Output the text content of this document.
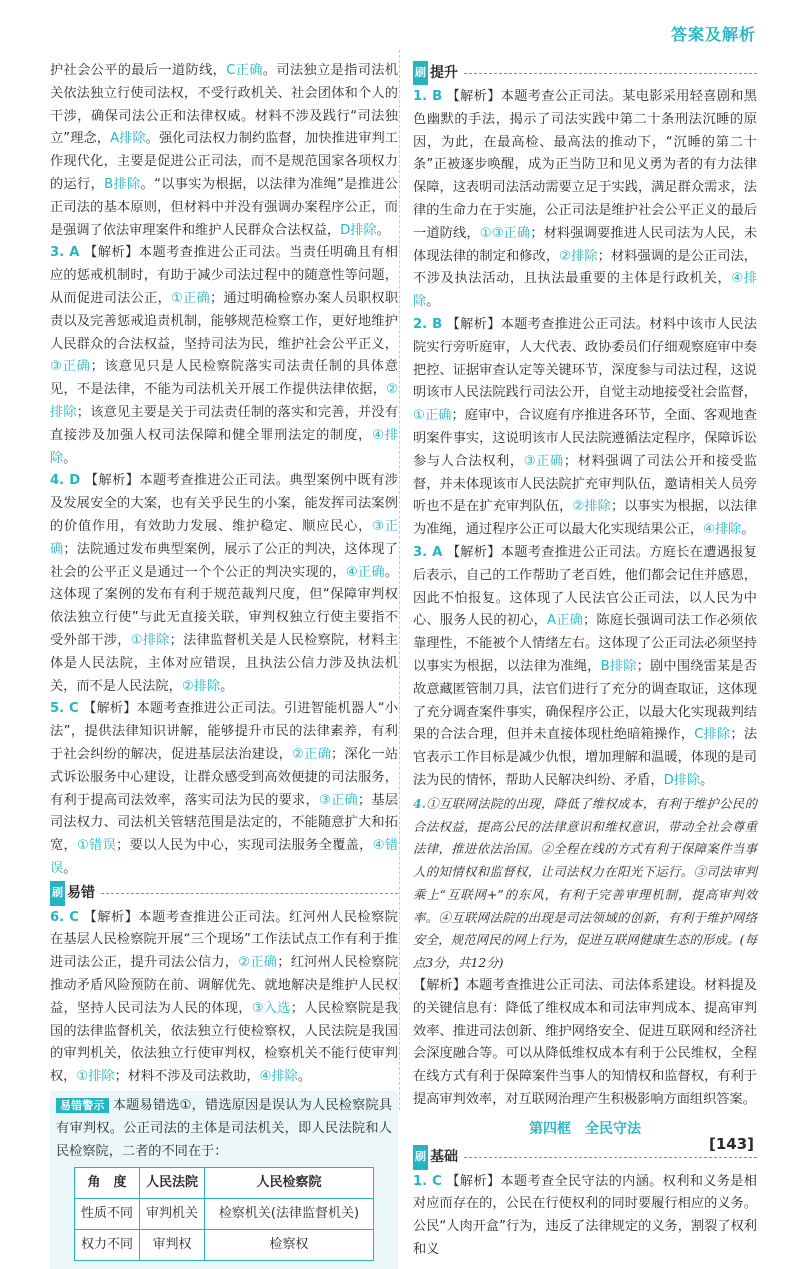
答案及解析

护社会公平的最后一道防线，C正确。司法独立是指司法机关依法独立行使司法权，不受行政机关、社会团体和个人的干涉，确保司法公正和法律权威。材料不涉及践行“司法独立”理念，A排除。强化司法权力制约监督，加快推进审判工作现代化，主要是促进公正司法，而不是规范国家各项权力的运行，B排除。“以事实为根据，以法律为准绳”是推进公正司法的基本原则，但材料中并没有强调办案程序公正，而是强调了依法审理案件和维护人民群众合法权益，D排除。

3. A 【解析】本题考查推进公正司法。当责任明确且有相应的惩戒机制时，有助于减少司法过程中的随意性等问题，从而促进司法公正，①正确；通过明确检察办案人员职权职责以及完善惩戒追责机制，能够规范检察工作，更好地维护人民群众的合法权益，坚持司法为民，维护社会公平正义，③正确；该意见只是人民检察院落实司法责任制的具体意见，不是法律，不能为司法机关开展工作提供法律依据，②排除；该意见主要是关于司法责任制的落实和完善，并没有直接涉及加强人权司法保障和健全罪刑法定的制度，④排除。

4. D 【解析】本题考查推进公正司法。典型案例中既有涉及发展安全的大案，也有关乎民生的小案，能发挥司法案例的价值作用，有效助力发展、维护稳定、顺应民心，③正确；法院通过发布典型案例，展示了公正的判决，这体现了社会的公平正义是通过一个个公正的判决实现的，④正确。这体现了案例的发布有利于规范裁判尺度，但“保障审判权依法独立行使”与此无直接关联，审判权独立行使主要指不受外部干涉，①排除；法律监督机关是人民检察院，材料主体是人民法院，主体对应错误，且执法公信力涉及执法机关，而不是人民法院，②排除。

5. C 【解析】本题考查推进公正司法。引进智能机器人“小法”，提供法律知识讲解，能够提升市民的法律素养，有利于社会纠纷的解决，促进基层法治建设，②正确；深化一站式诉讼服务中心建设，让群众感受到高效便捷的司法服务，有利于提高司法效率，落实司法为民的要求，③正确；基层司法权力、司法机关管辖范围是法定的，不能随意扩大和拓宽，①错误；要以人民为中心，实现司法服务全覆盖，④错误。

刷 易错

6. C 【解析】本题考查推进公正司法。红河州人民检察院在基层人民检察院开展“三个现场”工作法试点工作有利于推进司法公正，提升司法公信力，②正确；红河州人民检察院推动矛盾风险预防在前、调解优先、就地解决是维护人民权益，坚持人民司法为人民的体现，③入选；人民检察院是我国的法律监督机关，依法独立行使检察权，人民法院是我国的审判机关，依法独立行使审判权，检察机关不能行使审判权，①排除；材料不涉及司法救助，④排除。

易错警示 本题易错选①，错选原因是误认为人民检察院具有审判权。公正司法的主体是司法机关，即人民法院和人民检察院，二者的不同在于：

角　度	人民法院	人民检察院
性质不同	审判机关	检察机关(法律监督机关)
权力不同	审判权	检察权
刷 提升

1. B 【解析】本题考查公正司法。某电影采用轻喜剧和黑色幽默的手法，揭示了司法实践中第二十条刑法沉睡的原因，为此，在最高检、最高法的推动下，“沉睡的第二十条”正被逐步唤醒，成为正当防卫和见义勇为者的有力法律保障，这表明司法活动需要立足于实践，满足群众需求，法律的生命力在于实施，公正司法是维护社会公平正义的最后一道防线，①③正确；材料强调要推进人民司法为人民，未体现法律的制定和修改，②排除；材料强调的是公正司法，不涉及执法活动，且执法最重要的主体是行政机关，④排除。

2. B 【解析】本题考查推进公正司法。材料中该市人民法院实行旁听庭审，人大代表、政协委员们仔细观察庭审中奏把控、证据审查认定等关键环节，深度参与司法过程，这说明该市人民法院践行司法公开，自觉主动地接受社会监督，①正确；庭审中，合议庭有序推进各环节，全面、客观地查明案件事实，这说明该市人民法院遵循法定程序，保障诉讼参与人合法权利，③正确；材料强调了司法公开和接受监督，并未体现该市人民法院扩充审判队伍，邀请相关人员旁听也不是在扩充审判队伍，②排除；以事实为根据，以法律为准绳，通过程序公正可以最大化实现结果公正，④排除。

3. A 【解析】本题考查推进公正司法。方庭长在遭遇报复后表示，自己的工作帮助了老百姓，他们都会记住并感恩，因此不怕报复。这体现了人民法官公正司法，以人民为中心、服务人民的初心，A正确；陈庭长强调司法工作必须依靠理性，不能被个人情绪左右。这体现了公正司法必须坚持以事实为根据，以法律为准绳，B排除；剧中围绕雷某是否故意藏匿管制刀具，法官们进行了充分的调查取证，这体现了充分调查案件事实，确保程序公正，以最大化实现裁判结果的合法合理，但并未直接体现杜绝暗箱操作，C排除；法官表示工作目标是减少仇恨，增加理解和温暖，体现的是司法为民的情怀，帮助人民解决纠纷、矛盾，D排除。

4.①互联网法院的出现，降低了维权成本，有利于维护公民的合法权益，提高公民的法律意识和维权意识，带动全社会尊重法律，推进依法治国。②全程在线的方式有利于保障案件当事人的知情权和监督权，让司法权力在阳光下运行。③司法审判乘上“互联网+”的东风，有利于完善审理机制，提高审判效率。④互联网法院的出现是司法领域的创新，有利于维护网络安全，规范网民的网上行为，促进互联网健康生态的形成。(每点3分，共12分)

【解析】本题考查推进公正司法、司法体系建设。材料提及的关键信息有：降低了维权成本和司法审判成本、提高审判效率、推进司法创新、维护网络安全、促进互联网和经济社会深度融合等。可以从降低维权成本有利于公民维权，全程在线方式有利于保障案件当事人的知情权和监督权，有利于提高审判效率，对互联网治理产生积极影响方面组织答案。

第四框　全民守法
刷 基础

1. C 【解析】本题考查全民守法的内涵。权利和义务是相对应而存在的，公民在行使权利的同时要履行相应的义务。公民“人肉开盒”行为，违反了法律规定的义务，割裂了权利和义

[143]
